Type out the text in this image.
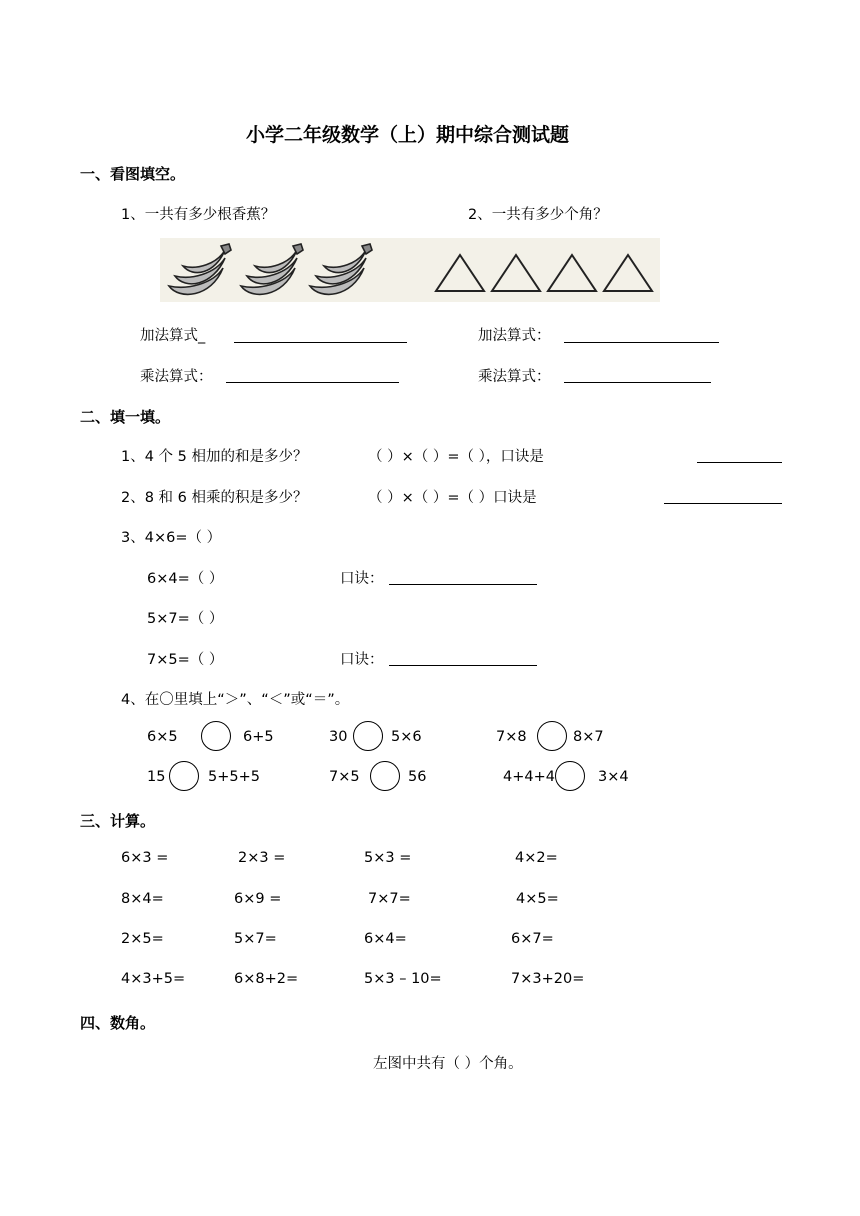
小学二年级数学（上）期中综合测试题
一、看图填空。
1、一共有多少根香蕉？	2、一共有多少个角？
加法算式_	加法算式：
乘法算式：	乘法算式：
二、填一填。
1、4 个 5 相加的和是多少？	（ ）×（ ）=（ ），口诀是
2、8 和 6 相乘的积是多少？	（ ）×（ ）=（ ）口诀是
3、4×6=（ ）
6×4=（ ）	口诀：
5×7=（ ）
7×5=（ ）	口诀：
4、在〇里填上“＞”、“＜”或“＝”。
6×5	6+5	30	5×6	7×8	8×7
15	5+5+5	7×5	56	4+4+4	3×4
三、计算。
6×3 =	2×3 =	5×3 =	4×2=
8×4=	6×9 =	7×7=	4×5=
2×5=	5×7=	6×4=	6×7=
4×3+5=	6×8+2=	5×3 – 10=	7×3+20=
四、数角。
左图中共有（ ）个角。
